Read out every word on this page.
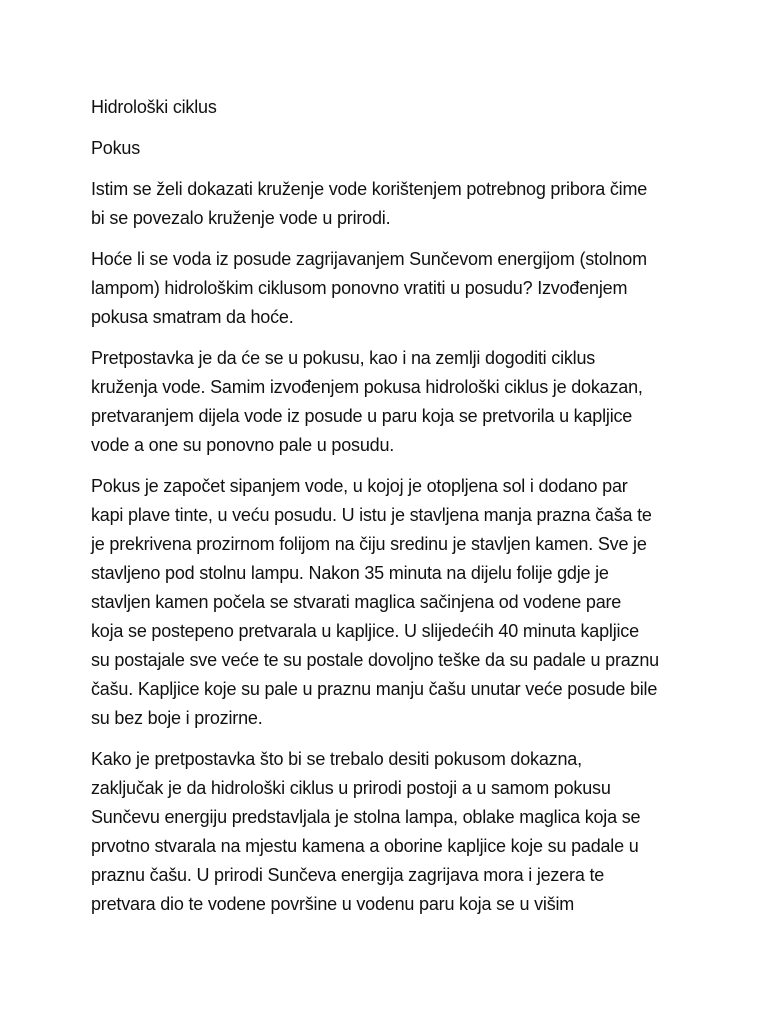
Hidrološki ciklus
Pokus
Istim se želi dokazati kruženje vode korištenjem potrebnog pribora čime
bi se povezalo kruženje vode u prirodi.
Hoće li se voda iz posude zagrijavanjem Sunčevom energijom (stolnom
lampom) hidrološkim ciklusom ponovno vratiti u posudu? Izvođenjem
pokusa smatram da hoće.
Pretpostavka je da će se u pokusu, kao i na zemlji dogoditi ciklus
kruženja vode. Samim izvođenjem pokusa hidrološki ciklus je dokazan,
pretvaranjem dijela vode iz posude u paru koja se pretvorila u kapljice
vode a one su ponovno pale u posudu.
Pokus je započet sipanjem vode, u kojoj je otopljena sol i dodano par
kapi plave tinte, u veću posudu. U istu je stavljena manja prazna čaša te
je prekrivena prozirnom folijom na čiju sredinu je stavljen kamen. Sve je
stavljeno pod stolnu lampu. Nakon 35 minuta na dijelu folije gdje je
stavljen kamen počela se stvarati maglica sačinjena od vodene pare
koja se postepeno pretvarala u kapljice. U slijedećih 40 minuta kapljice
su postajale sve veće te su postale dovoljno teške da su padale u praznu
čašu. Kapljice koje su pale u praznu manju čašu unutar veće posude bile
su bez boje i prozirne.
Kako je pretpostavka što bi se trebalo desiti pokusom dokazna,
zaključak je da hidrološki ciklus u prirodi postoji a u samom pokusu
Sunčevu energiju predstavljala je stolna lampa, oblake maglica koja se
prvotno stvarala na mjestu kamena a oborine kapljice koje su padale u
praznu čašu. U prirodi Sunčeva energija zagrijava mora i jezera te
pretvara dio te vodene površine u vodenu paru koja se u višim
